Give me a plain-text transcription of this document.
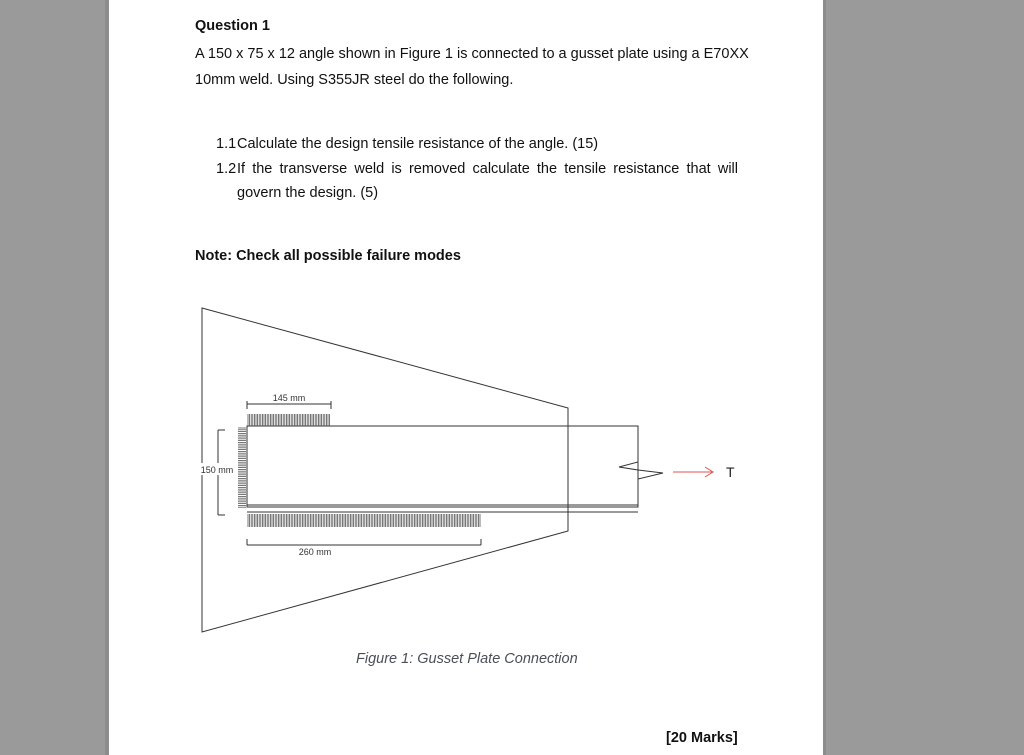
Question 1
A 150 x 75 x 12 angle shown in Figure 1 is connected to a gusset plate using a E70XX
10mm weld. Using S355JR steel do the following.
1.1 Calculate the design tensile resistance of the angle. (15)
1.2 If the transverse weld is removed calculate the tensile resistance that will
govern the design. (5)
Note: Check all possible failure modes
145 mm
150 mm
260 mm
T
Figure 1: Gusset Plate Connection
[20 Marks]
